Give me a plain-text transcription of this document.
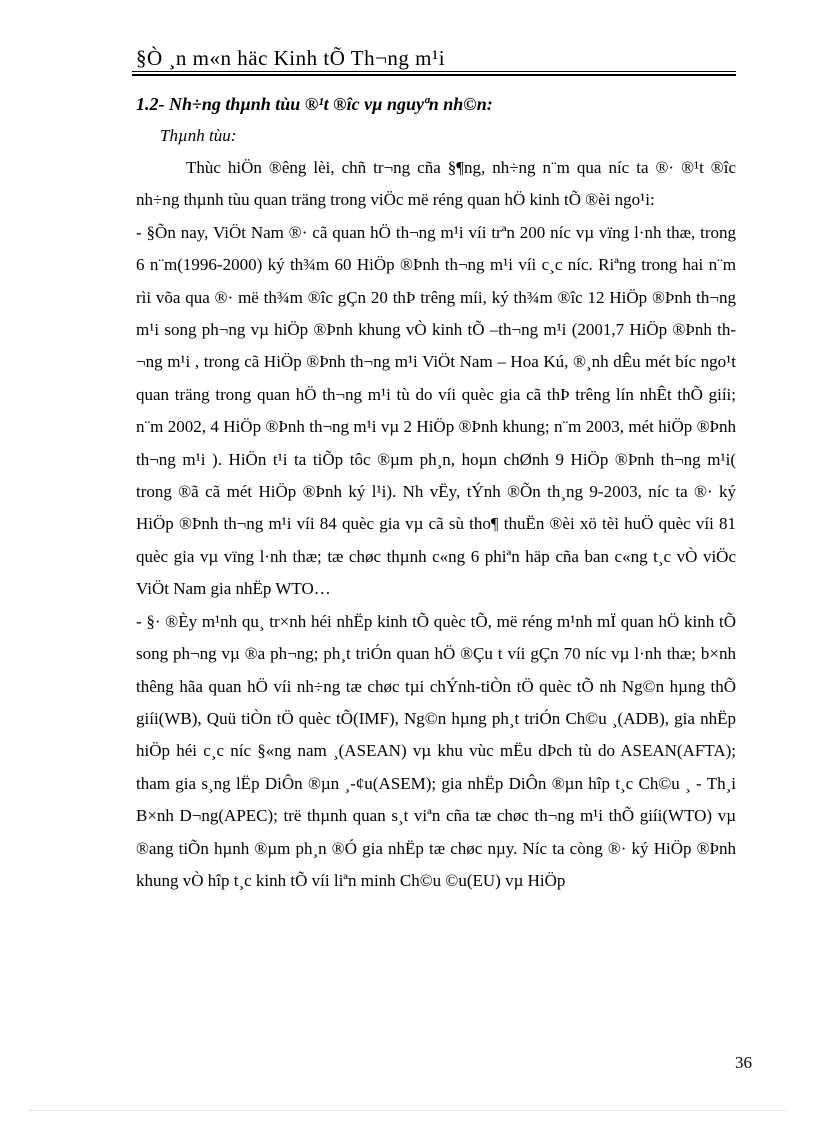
§Ò ¸n m«n häc Kinh tÕ Th¬ng m¹i
1.2- Nh÷ng thµnh tùu ®¹t ®îc vµ nguyªn nh©n:
Thµnh tùu:

Thùc hiÖn ®êng lèi, chñ tr¬ng cña §¶ng, nh÷ng n¨m qua níc ta ®· ®¹t ®îc nh÷ng thµnh tùu quan träng trong viÖc më réng quan hÖ kinh tÕ ®èi ngo¹i:

- §Õn nay, ViÖt Nam ®· cã quan hÖ th¬ng m¹i víi trªn 200 níc vµ vïng l·nh thæ, trong 6 n¨m(1996-2000) ký th¾m 60 HiÖp ®Þnh th¬ng m¹i víi c¸c níc. Riªng trong hai n¨m rìi võa qua ®· më th¾m ®îc gÇn 20 thÞ trêng míi, ký th¾m ®îc 12 HiÖp ®Þnh th¬ng m¹i song ph¬ng vµ hiÖp ®Þnh khung vÒ kinh tÕ –th¬ng m¹i (2001,7 HiÖp ®Þnh th¬ng m¹i , trong cã HiÖp ®Þnh th¬ng m¹i ViÖt Nam – Hoa Kú, ®¸nh dÊu mét bíc ngo¹t quan träng trong quan hÖ th¬ng m¹i tù do víi quèc gia cã thÞ trêng lín nhÊt thÕ giíi; n¨m 2002, 4 HiÖp ®Þnh th¬ng m¹i vµ 2 HiÖp ®Þnh khung; n¨m 2003, mét hiÖp ®Þnh th¬ng m¹i ). HiÖn t¹i ta tiÕp tôc ®µm ph¸n, hoµn chØnh 9 HiÖp ®Þnh th¬ng m¹i( trong ®ã cã mét HiÖp ®Þnh ký l¹i). Nh vËy, tÝnh ®Õn th¸ng 9-2003, níc ta ®· ký HiÖp ®Þnh th¬ng m¹i víi 84 quèc gia vµ cã sù tho¶ thuËn ®èi xö tèi huÖ quèc víi 81 quèc gia vµ vïng l·nh thæ; tæ chøc thµnh c«ng 6 phiªn häp cña ban c«ng t¸c vÒ viÖc ViÖt Nam gia nhËp WTO…

- §· ®Èy m¹nh qu¸ tr×nh héi nhËp kinh tÕ quèc tÕ, më réng m¹nh mÏ quan hÖ kinh tÕ song ph¬ng vµ ®a ph¬ng; ph¸t triÓn quan hÖ ®Çu t víi gÇn 70 níc vµ l·nh thæ; b×nh thêng hãa quan hÖ víi nh÷ng tæ chøc tµi chÝnh-tiÒn tÖ quèc tÕ nh Ng©n hµng thÕ giíi(WB), Quü tiÒn tÖ quèc tÕ(IMF), Ng©n hµng ph¸t triÓn Ch©u ¸(ADB), gia nhËp hiÖp héi c¸c níc §«ng nam ¸(ASEAN) vµ khu vùc mËu dÞch tù do ASEAN(AFTA); tham gia s¸ng lËp DiÔn ®µn ¸-¢u(ASEM); gia nhËp DiÔn ®µn hîp t¸c Ch©u ¸ - Th¸i B×nh D¬ng(APEC); trë thµnh quan s¸t viªn cña tæ chøc th¬ng m¹i thÕ giíi(WTO) vµ ®ang tiÕn hµnh ®µm ph¸n ®Ó gia nhËp tæ chøc nµy. Níc ta còng ®· ký HiÖp ®Þnh khung vÒ hîp t¸c kinh tÕ víi liªn minh Ch©u ©u(EU) vµ HiÖp

36
